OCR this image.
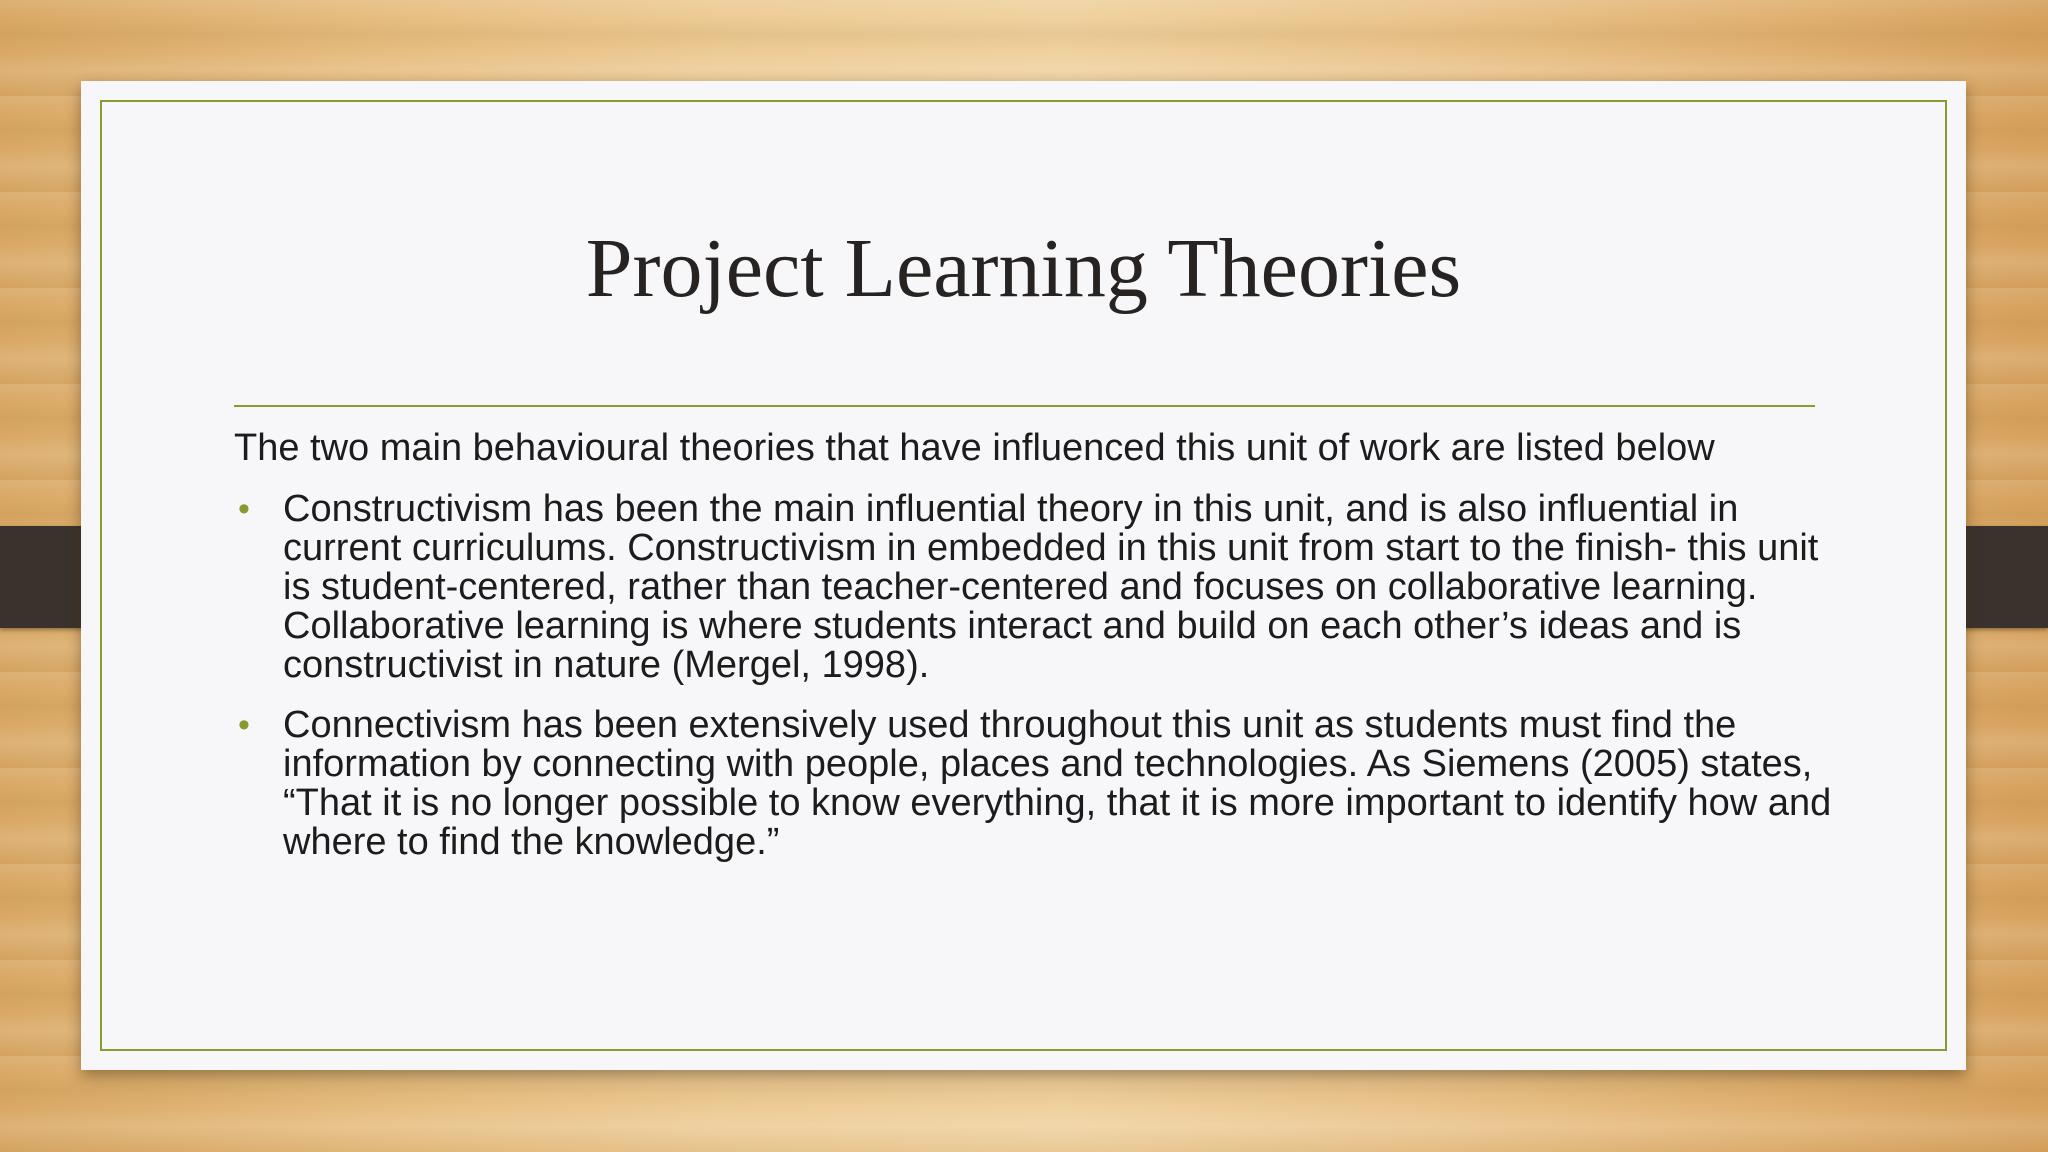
Project Learning Theories

The two main behavioural theories that have influenced this unit of work are listed below

• Constructivism has been the main influential theory in this unit, and is also influential in current curriculums. Constructivism in embedded in this unit from start to the finish- this unit is student-centered, rather than teacher-centered and focuses on collaborative learning. Collaborative learning is where students interact and build on each other’s ideas and is constructivist in nature (Mergel, 1998).
• Connectivism has been extensively used throughout this unit as students must find the information by connecting with people, places and technologies. As Siemens (2005) states, “That it is no longer possible to know everything, that it is more important to identify how and where to find the knowledge.”
